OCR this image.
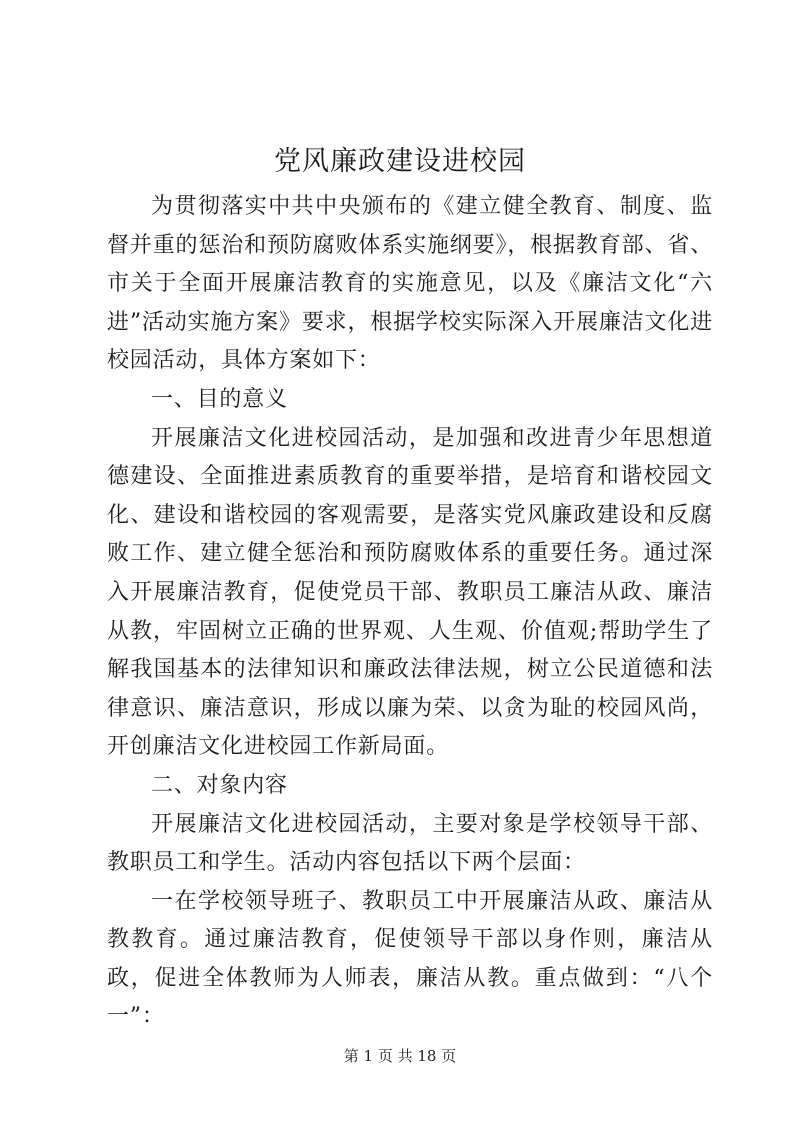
党风廉政建设进校园

为贯彻落实中共中央颁布的《建立健全教育、制度、监督并重的惩治和预防腐败体系实施纲要》，根据教育部、省、市关于全面开展廉洁教育的实施意见，以及《廉洁文化“六进”活动实施方案》要求，根据学校实际深入开展廉洁文化进校园活动，具体方案如下：

一、目的意义

开展廉洁文化进校园活动，是加强和改进青少年思想道德建设、全面推进素质教育的重要举措，是培育和谐校园文化、建设和谐校园的客观需要，是落实党风廉政建设和反腐败工作、建立健全惩治和预防腐败体系的重要任务。通过深入开展廉洁教育，促使党员干部、教职员工廉洁从政、廉洁从教，牢固树立正确的世界观、人生观、价值观;帮助学生了解我国基本的法律知识和廉政法律法规，树立公民道德和法律意识、廉洁意识，形成以廉为荣、以贪为耻的校园风尚，开创廉洁文化进校园工作新局面。

二、对象内容

开展廉洁文化进校园活动，主要对象是学校领导干部、教职员工和学生。活动内容包括以下两个层面：

一在学校领导班子、教职员工中开展廉洁从政、廉洁从教教育。通过廉洁教育，促使领导干部以身作则，廉洁从政，促进全体教师为人师表，廉洁从教。重点做到：“八个一”：

第 1 页 共 18 页
